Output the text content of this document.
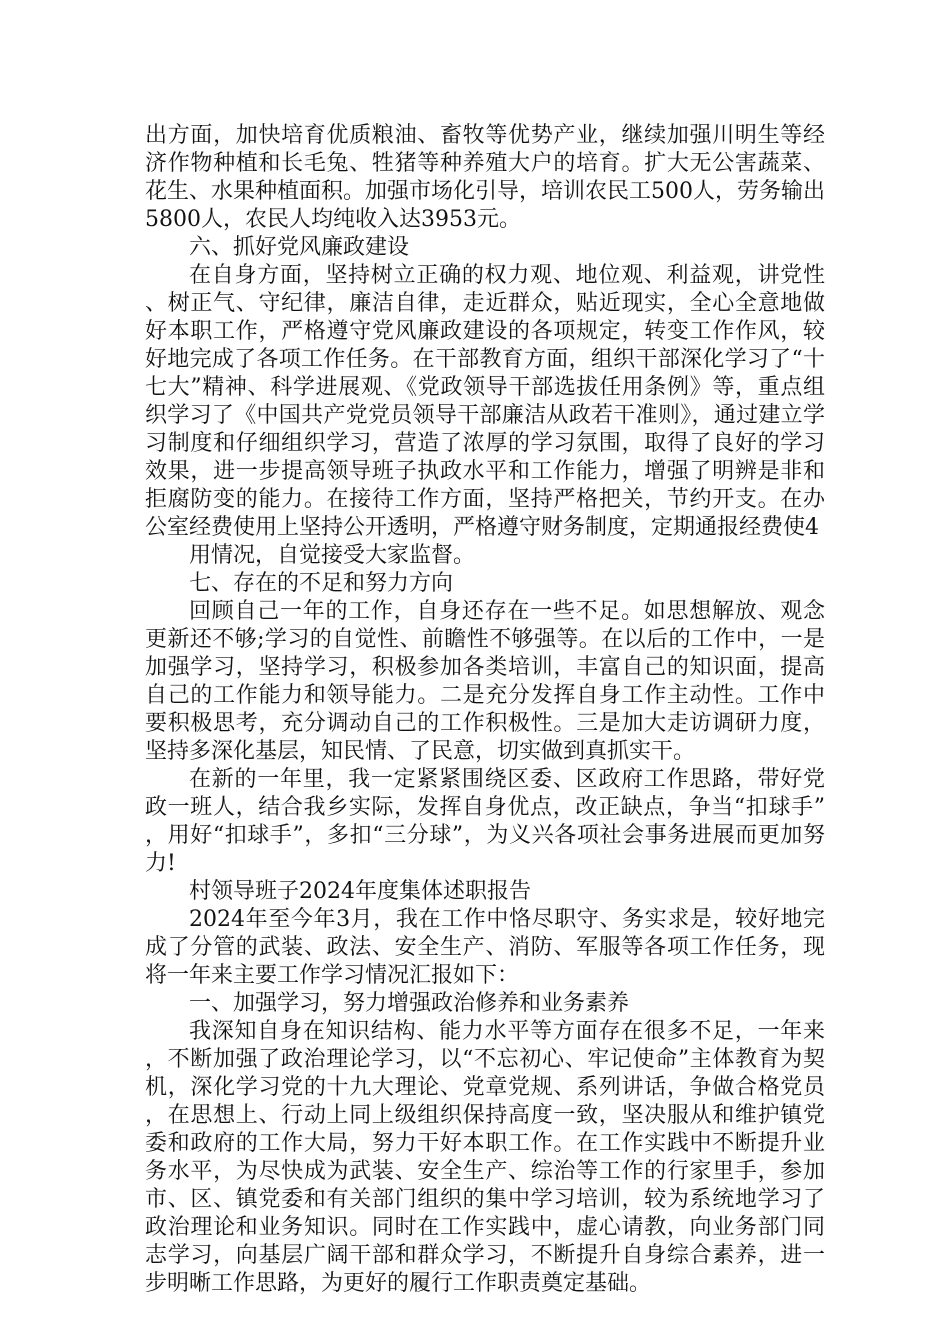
出方面，加快培育优质粮油、畜牧等优势产业，继续加强川明生等经济作物种植和长毛兔、牲猪等种养殖大户的培育。扩大无公害蔬菜、花生、水果种植面积。加强市场化引导，培训农民工500人，劳务输出5800人，农民人均纯收入达3953元。

六、抓好党风廉政建设

在自身方面，坚持树立正确的权力观、地位观、利益观，讲党性、树正气、守纪律，廉洁自律，走近群众，贴近现实，全心全意地做好本职工作，严格遵守党风廉政建设的各项规定，转变工作作风，较好地完成了各项工作任务。在干部教育方面，组织干部深化学习了“十七大”精神、科学进展观、《党政领导干部选拔任用条例》等，重点组织学习了《中国共产党党员领导干部廉洁从政若干准则》，通过建立学习制度和仔细组织学习，营造了浓厚的学习氛围，取得了良好的学习效果，进一步提高领导班子执政水平和工作能力，增强了明辨是非和拒腐防变的能力。在接待工作方面，坚持严格把关，节约开支。在办公室经费使用上坚持公开透明，严格遵守财务制度，定期通报经费使4

用情况，自觉接受大家监督。

七、存在的不足和努力方向

回顾自己一年的工作，自身还存在一些不足。如思想解放、观念更新还不够;学习的自觉性、前瞻性不够强等。在以后的工作中，一是加强学习，坚持学习，积极参加各类培训，丰富自己的知识面，提高自己的工作能力和领导能力。二是充分发挥自身工作主动性。工作中要积极思考，充分调动自己的工作积极性。三是加大走访调研力度，坚持多深化基层，知民情、了民意，切实做到真抓实干。

在新的一年里，我一定紧紧围绕区委、区政府工作思路，带好党政一班人，结合我乡实际，发挥自身优点，改正缺点，争当“扣球手”，用好“扣球手”，多扣“三分球”，为义兴各项社会事务进展而更加努力!

村领导班子2024年度集体述职报告

2024年至今年3月，我在工作中恪尽职守、务实求是，较好地完成了分管的武装、政法、安全生产、消防、军服等各项工作任务，现将一年来主要工作学习情况汇报如下：

一、加强学习，努力增强政治修养和业务素养

我深知自身在知识结构、能力水平等方面存在很多不足，一年来，不断加强了政治理论学习，以“不忘初心、牢记使命”主体教育为契机，深化学习党的十九大理论、党章党规、系列讲话，争做合格党员，在思想上、行动上同上级组织保持高度一致，坚决服从和维护镇党委和政府的工作大局，努力干好本职工作。在工作实践中不断提升业务水平，为尽快成为武装、安全生产、综治等工作的行家里手，参加市、区、镇党委和有关部门组织的集中学习培训，较为系统地学习了政治理论和业务知识。同时在工作实践中，虚心请教，向业务部门同志学习，向基层广阔干部和群众学习，不断提升自身综合素养，进一步明晰工作思路，为更好的履行工作职责奠定基础。
